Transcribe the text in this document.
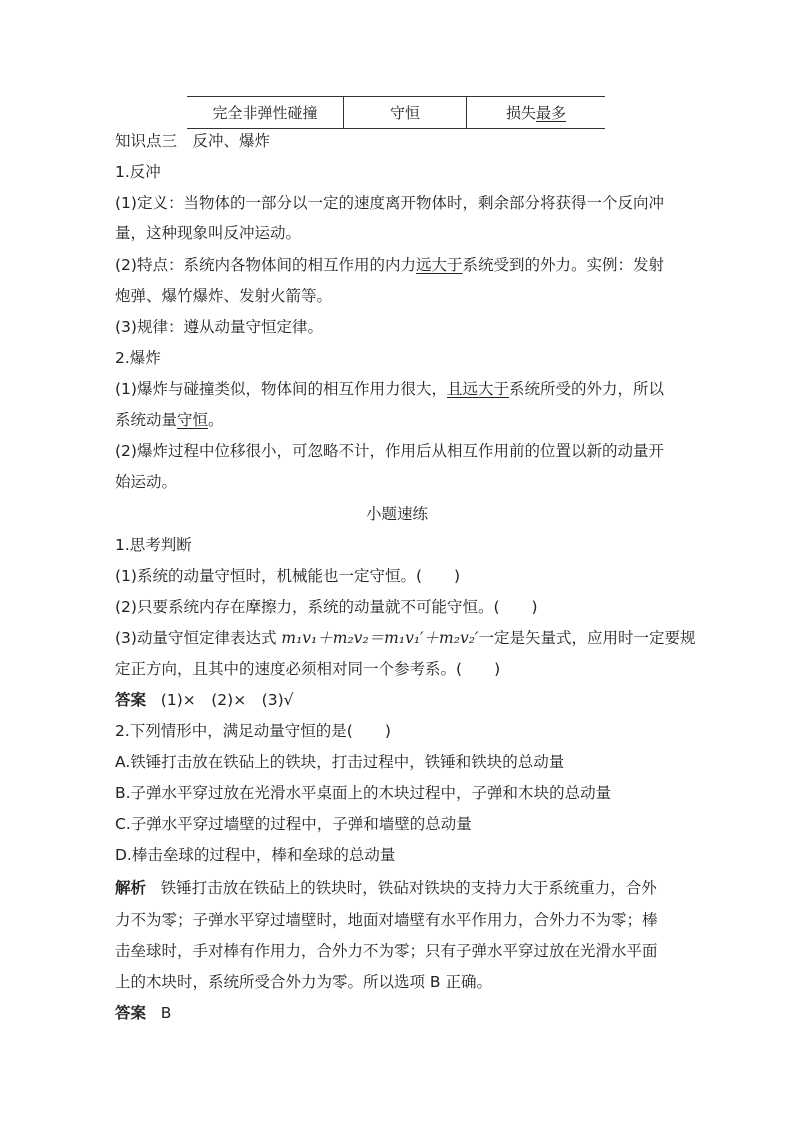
完全非弹性碰撞	守恒	损失 最多
知识点三　反冲、爆炸
1.反冲
(1)定义：当物体的一部分以一定的速度离开物体时，剩余部分将获得一个反向冲
量，这种现象叫反冲运动。
(2)特点：系统内各物体间的相互作用的内力远大于系统受到的外力。实例：发射
炮弹、爆竹爆炸、发射火箭等。
(3)规律：遵从动量守恒定律。
2.爆炸
(1)爆炸与碰撞类似，物体间的相互作用力很大，且远大于系统所受的外力，所以
系统动量守恒。
(2)爆炸过程中位移很小，可忽略不计，作用后从相互作用前的位置以新的动量开
始运动。
小题速练
1.思考判断
(1)系统的动量守恒时，机械能也一定守恒。( )
(2)只要系统内存在摩擦力，系统的动量就不可能守恒。( )
(3)动量守恒定律表达式 m₁v₁＋m₂v₂＝m₁v₁′＋m₂v₂′一定是矢量式，应用时一定要规
定正方向，且其中的速度必须相对同一个参考系。( )
答案 (1)×　(2)×　(3)√
2.下列情形中，满足动量守恒的是( )
A.铁锤打击放在铁砧上的铁块，打击过程中，铁锤和铁块的总动量
B.子弹水平穿过放在光滑水平桌面上的木块过程中，子弹和木块的总动量
C.子弹水平穿过墙壁的过程中，子弹和墙壁的总动量
D.棒击垒球的过程中，棒和垒球的总动量
解析 铁锤打击放在铁砧上的铁块时，铁砧对铁块的支持力大于系统重力，合外
力不为零；子弹水平穿过墙壁时，地面对墙壁有水平作用力，合外力不为零；棒
击垒球时，手对棒有作用力，合外力不为零；只有子弹水平穿过放在光滑水平面
上的木块时，系统所受合外力为零。所以选项 B 正确。
答案 B
